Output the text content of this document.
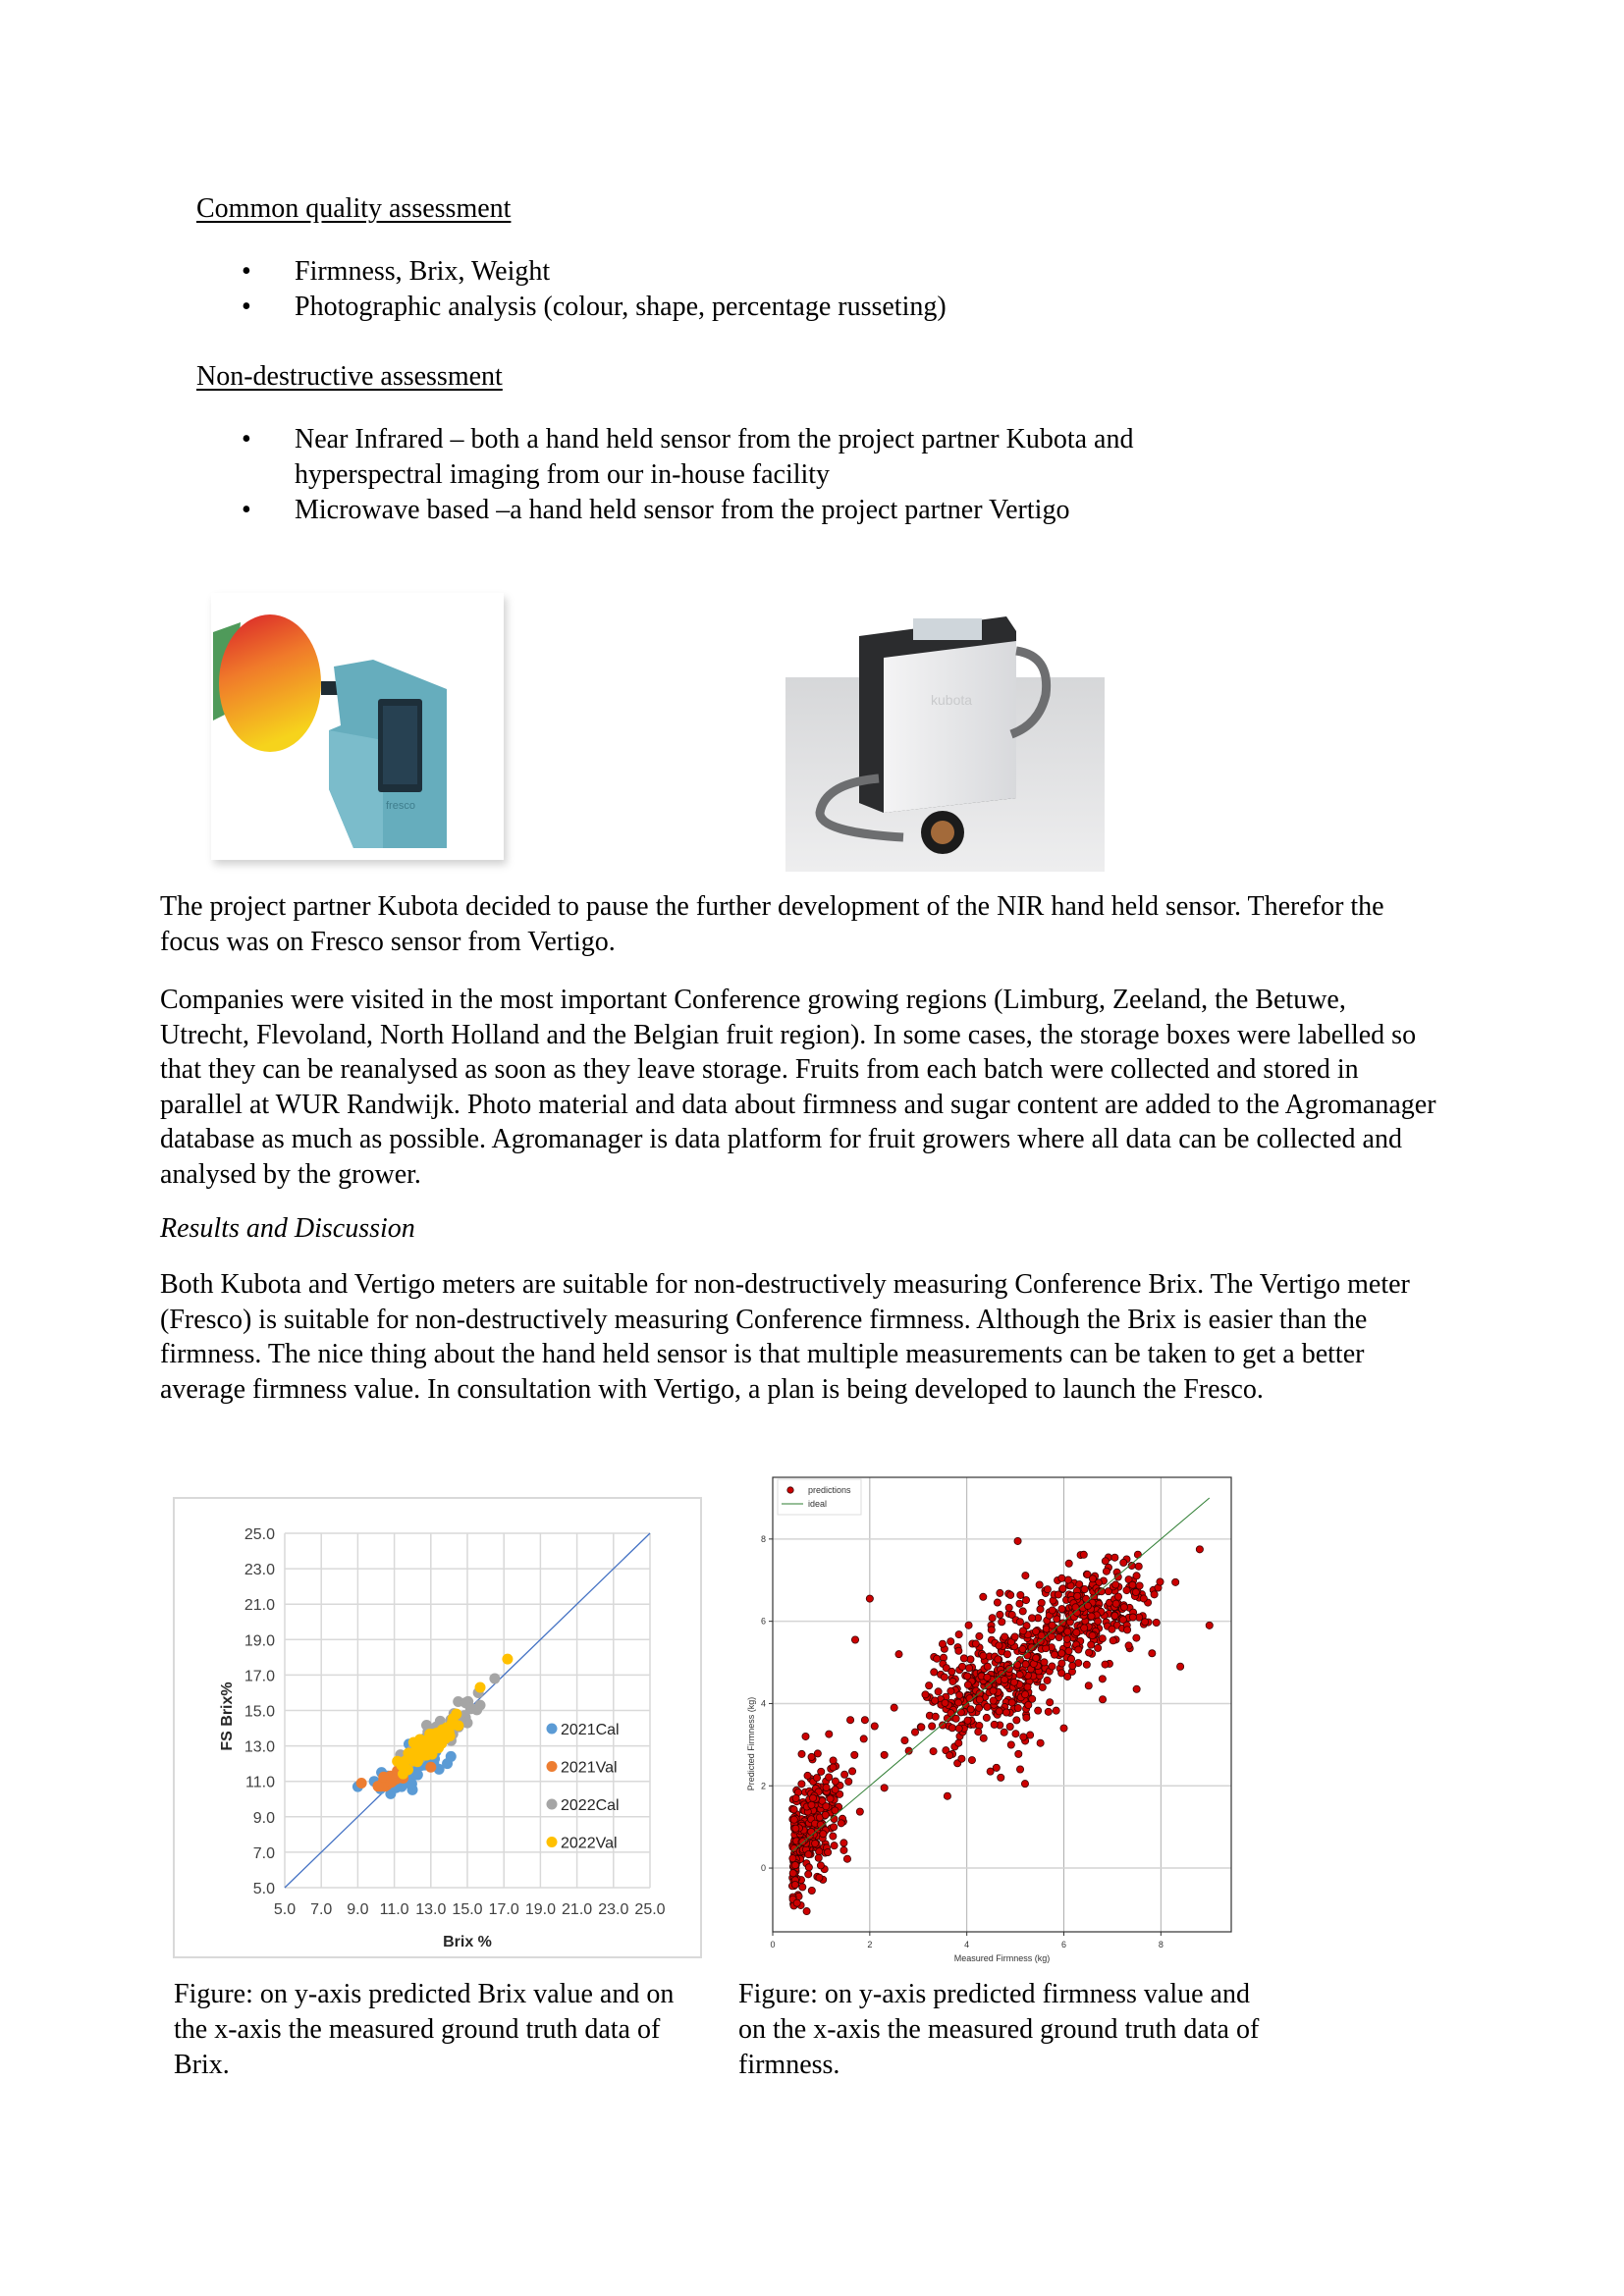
Common quality assessment
• Firmness, Brix, Weight
• Photographic analysis (colour, shape, percentage russeting)
Non-destructive assessment
• Near Infrared – both a hand held sensor from the project partner Kubota and hyperspectral imaging from our in-house facility
• Microwave based –a hand held sensor from the project partner Vertigo
fresco
kubota

The project partner Kubota decided to pause the further development of the NIR hand held sensor. Therefor the focus was on Fresco sensor from Vertigo.

Companies were visited in the most important Conference growing regions (Limburg, Zeeland, the Betuwe, Utrecht, Flevoland, North Holland and the Belgian fruit region). In some cases, the storage boxes were labelled so that they can be reanalysed as soon as they leave storage. Fruits from each batch were collected and stored in parallel at WUR Randwijk. Photo material and data about firmness and sugar content are added to the Agromanager database as much as possible. Agromanager is data platform for fruit growers where all data can be collected and analysed by the grower.

Results and Discussion

Both Kubota and Vertigo meters are suitable for non-destructively measuring Conference Brix. The Vertigo meter (Fresco) is suitable for non-destructively measuring Conference firmness. Although the Brix is easier than the firmness. The nice thing about the hand held sensor is that multiple measurements can be taken to get a better average firmness value. In consultation with Vertigo, a plan is being developed to launch the Fresco.

5.0 7.0 9.0 11.0 13.0 15.0 17.0 19.0 21.0 23.0 25.0
5.0
7.0
9.0
11.0
13.0
15.0
17.0
19.0
21.0
23.0
25.0
2021Cal
2021Val
2022Cal
2022Val
Brix %
FS Brix%
0	2	4	6	8
0
2
4
6
8
predictions
ideal
Measured Firmness (kg)
Predicted Firmness (kg)
Figure: on y-axis predicted Brix value and on
the x-axis the measured ground truth data of
Brix.
Figure: on y-axis predicted firmness value and
on the x-axis the measured ground truth data of
firmness.
